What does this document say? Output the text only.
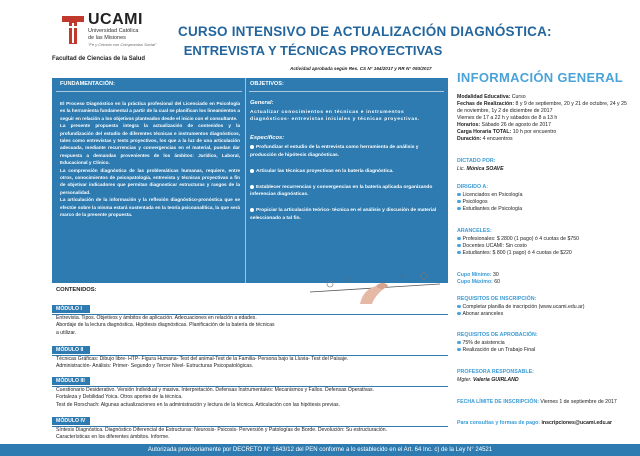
UCAMI
Universidad Católica
de las Misiones
"Fe y Ciencia con Compromiso Social"
Facultad de Ciencias de la Salud
CURSO INTENSIVO DE ACTUALIZACIÓN DIAGNÓSTICA:
ENTREVISTA Y TÉCNICAS PROYECTIVAS
Actividad aprobada según Res. CS N° 164/2017 y RR N° 093/2017
FUNDAMENTACIÓN:	OBJETIVOS:

El Proceso Diagnóstico en la práctica profesional del Licenciado en Psicología es la herramienta fundamental a partir de la cual se planifican los lineamientos a seguir en relación a los objetivos planteados desde el inicio con el consultante.

La presente propuesta integra la actualización de contenidos y la profundización del estudio de diferentes técnicas e instrumentos diagnósticos, tales como entrevistas y tests proyectivos, los que a la luz de una articulación adecuada, mediante recurrencias y convergencias en el material, puedan dar respuesta a demandas provenientes de los ámbitos: Jurídico, Laboral, Educacional y Clínico.

La comprensión diagnóstica de las problemáticas humanas, requiere, entre otros, conocimientos de psicopatología, entrevista y técnicas proyectivas a fin de objetivar indicadores que permitan diagnosticar estructuras y rasgos de la personalidad.

La articulación de la información y la reflexión diagnóstico-pronóstica que se efectúe sobre la misma estará sustentada en la teoría psicoanalítica, la que será marco de la presente propuesta.

General:
Actualizar conocimientos en técnicas e instrumentos diagnósticos- entrevistas iniciales y técnicas proyectivas.
Específicos:
Profundizar el estudio de la entrevista como herramienta de análisis y producción de hipótesis diagnósticas.
Articular las técnicas proyectivas en la batería diagnóstica.
Establecer recurrencias y convergencias en la batería aplicada organizando inferencias diagnósticas.
Propiciar la articulación teórico- técnica en el análisis y discusión de material seleccionado a tal fin.
?	?
CONTENIDOS:
MÓDULO I
Entrevista. Tipos. Objetivos y ámbitos de aplicación. Adecuaciones en relación a edades.
Abordaje de la lectura diagnóstica. Hipótesis diagnósticas. Planificación de la batería de técnicas
a utilizar.
MÓDULO II
Técnicas Gráficas: Dibujo libre- HTP- Figura Humana- Test del animal-Test de la Familia- Persona bajo la Lluvia- Test del Paisaje.
Administración- Análisis: Primer- Segundo y Tercer Nivel- Estructuras Psicopatológicas.
MÓDULO III
Cuestionario Desiderativo. Versión Individual y masiva. Interpretación. Defensas Instrumentales: Mecanismos y Fallos. Defensas Operativas.
Fortaleza y Debilidad Yoica. Otros aportes de la técnica.
Test de Rorschach: Algunas actualizaciones en la administración y lectura de la técnica. Articulación con las hipótesis previas.
MÓDULO IV
Síntesis Diagnóstica. Diagnóstico Diferencial de Estructuras: Neurosis- Psicosis- Perversión y Patologías de Borde. Devolución: Su estructuración.
Características en los diferentes ámbitos. Informe.
INFORMACIÓN GENERAL
Modalidad Educativa: Curso
Fechas de Realización: 8 y 9 de septiembre, 20 y 21 de octubre, 24 y 25 de noviembre, 1y 2 de diciembre de 2017
Viernes de 17 a 22 h y sábados de 8 a 13 h
Horarios: Sábado 26 de agosto de 2017
Carga Horaria TOTAL: 10 h por encuentro
Duración: 4 encuentros
DICTADO POR:
Lic. Mónica SOAVE
DIRIGIDO A:
Licenciados en Psicología
Psicólogos
Estudiantes de Psicología
ARANCELES:
Profesionales: $ 2800 (1 pago) ó 4 cuotas de $750
Docentes UCAMI: Sin costo
Estudiantes: $ 800 (1 pago) ó 4 cuotas de $220
Cupo Mínimo: 30
Cupo Máximo: 60
REQUISITOS DE INSCRIPCIÓN:
Completar planilla de inscripción (www.ucami.edu.ar)
Abonar aranceles
REQUISITOS DE APROBACIÓN:
75% de asistencia
Realización de un Trabajo Final
PROFESORA RESPONSABLE:
Mgter. Valeria GUIRLAND
FECHA LÍMITE DE INSCRIPCIÓN: Viernes 1 de septiembre de 2017
Para consultas y formas de pago: inscripciones@ucami.edu.ar
Autorizada provisoriamente por DECRETO N° 1643/12 del PEN conforme a lo establecido en el Art. 64 Inc. c) de la Ley N° 24521
